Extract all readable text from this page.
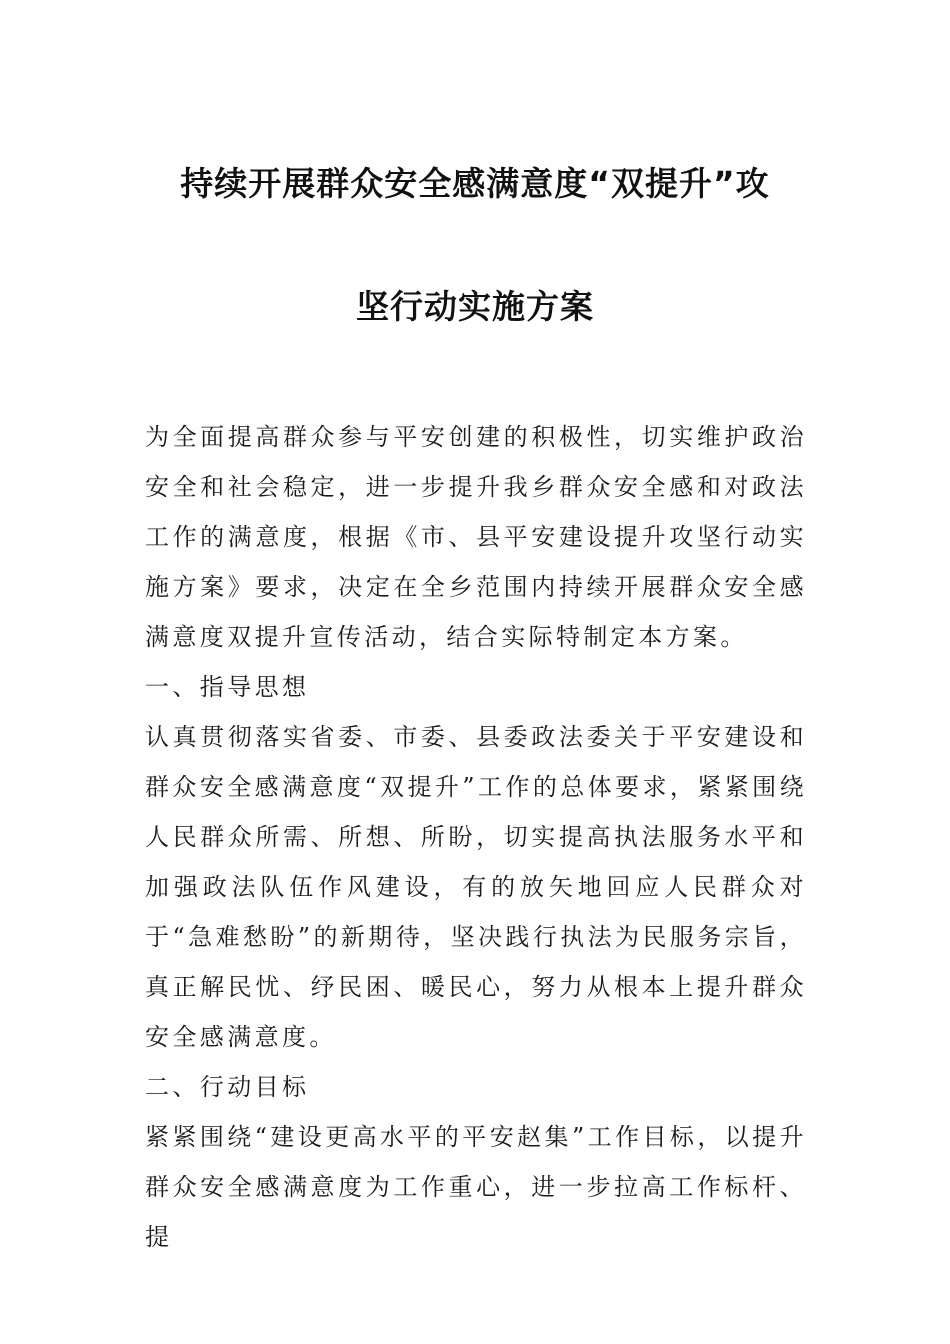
持续开展群众安全感满意度“双提升”攻
坚行动实施方案

为全面提高群众参与平安创建的积极性，切实维护政治安全和社会稳定，进一步提升我乡群众安全感和对政法工作的满意度，根据《市、县平安建设提升攻坚行动实施方案》要求，决定在全乡范围内持续开展群众安全感满意度双提升宣传活动，结合实际特制定本方案。

一、指导思想

认真贯彻落实省委、市委、县委政法委关于平安建设和群众安全感满意度“双提升”工作的总体要求，紧紧围绕人民群众所需、所想、所盼，切实提高执法服务水平和加强政法队伍作风建设，有的放矢地回应人民群众对于“急难愁盼”的新期待，坚决践行执法为民服务宗旨，真正解民忧、纾民困、暖民心，努力从根本上提升群众安全感满意度。

二、行动目标

紧紧围绕“建设更高水平的平安赵集”工作目标，以提升群众安全感满意度为工作重心，进一步拉高工作标杆、提
